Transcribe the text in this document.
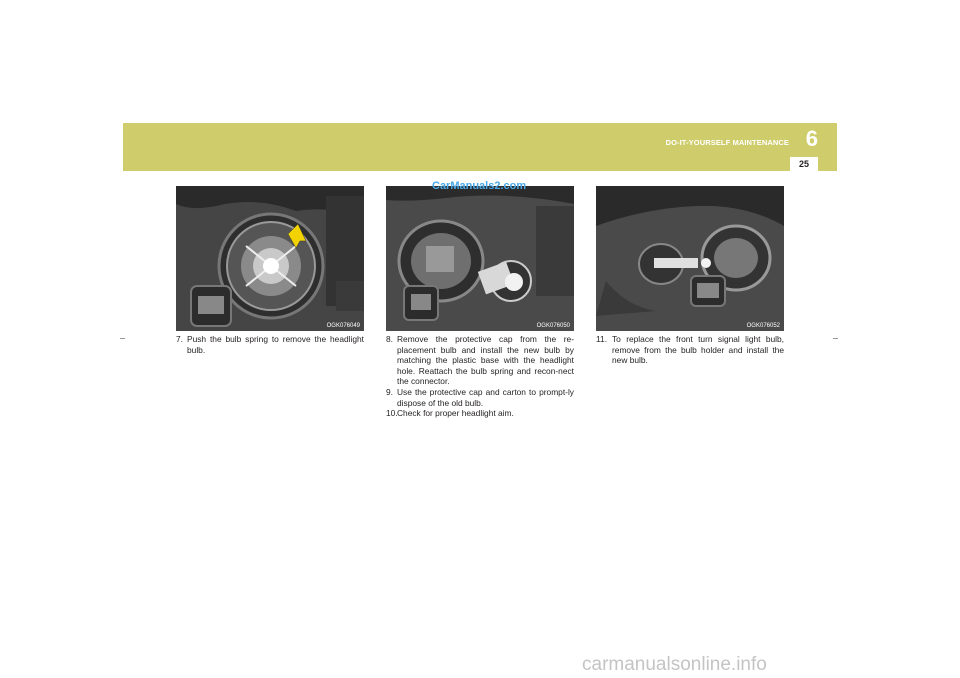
DO-IT-YOURSELF MAINTENANCE 6
25
OGK076049	OGK076050
CarManuals2.com
OGK076052
7. Push the bulb spring to remove the headlight bulb.
8. Remove the protective cap from the re-placement bulb and install the new bulb by matching the plastic base with the headlight hole. Reattach the bulb spring and recon-nect the connector.
9. Use the protective cap and carton to prompt-ly dispose of the old bulb.
10. Check for proper headlight aim.
11. To replace the front turn signal light bulb, remove from the bulb holder and install the new bulb.
carmanualsonline.info
